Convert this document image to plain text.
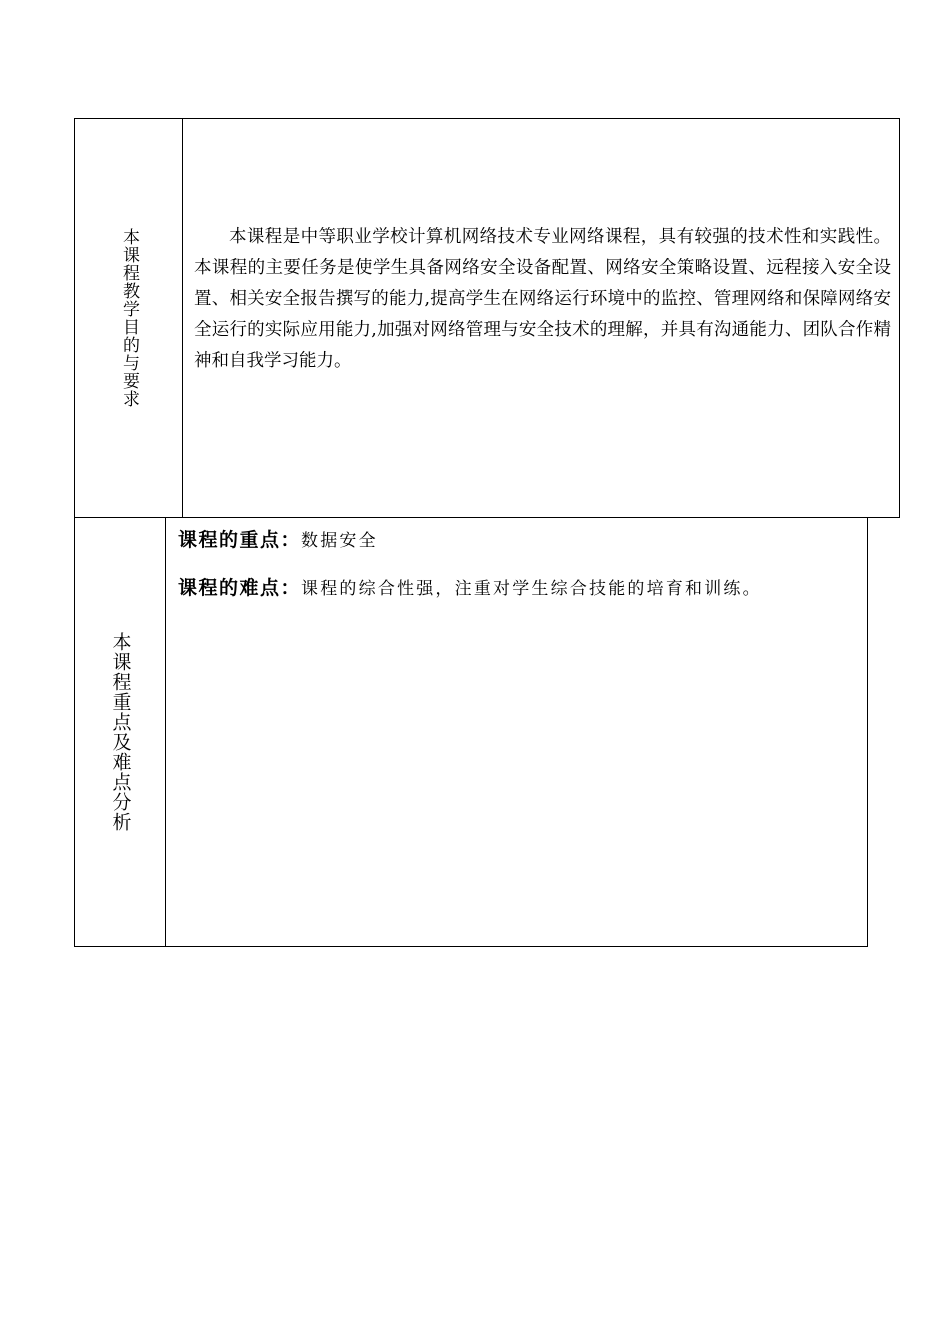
本课程教学目的与要求	本课程是中等职业学校计算机网络技术专业网络课程，具有较强的技术性和实践性。本课程的主要任务是使学生具备网络安全设备配置、网络安全策略设置、远程接入安全设置、相关安全报告撰写的能力,提高学生在网络运行环境中的监控、管理网络和保障网络安全运行的实际应用能力,加强对网络管理与安全技术的理解，并具有沟通能力、团队合作精神和自我学习能力。

本课程重点及难点分析

课程的重点：数据安全

课程的难点：课程的综合性强，注重对学生综合技能的培育和训练。
